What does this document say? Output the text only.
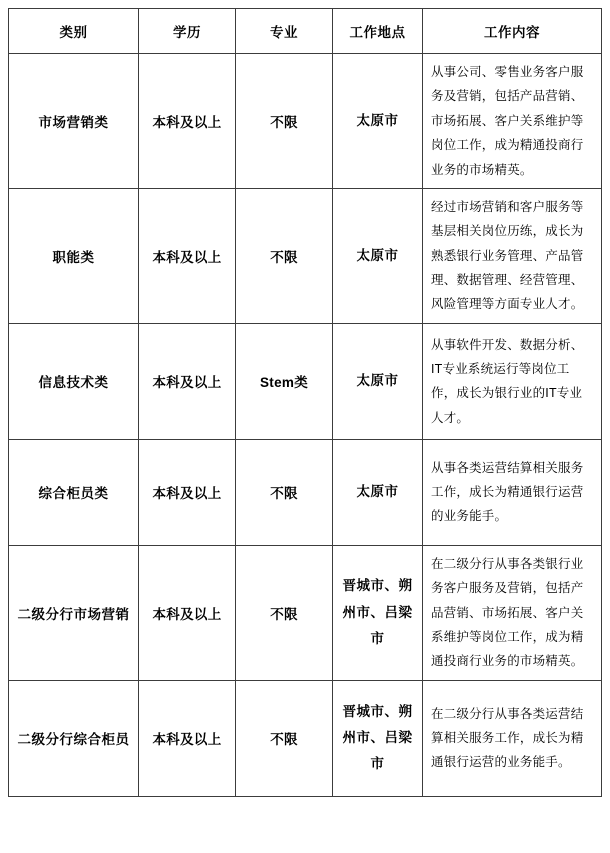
类别	学历	专业	工作地点	工作内容
市场营销类	本科及以上	不限	太原市	从事公司、零售业务客户服务及营销，包括产品营销、市场拓展、客户关系维护等岗位工作，成为精通投商行业务的市场精英。
职能类	本科及以上	不限	太原市	经过市场营销和客户服务等基层相关岗位历练，成长为熟悉银行业务管理、产品管理、数据管理、经营管理、风险管理等方面专业人才。
信息技术类	本科及以上	Stem类	太原市	从事软件开发、数据分析、IT专业系统运行等岗位工作，成长为银行业的IT专业人才。
综合柜员类	本科及以上	不限	太原市	从事各类运营结算相关服务工作，成长为精通银行运营的业务能手。
二级分行市场营销	本科及以上	不限	晋城市、朔州市、吕梁市	在二级分行从事各类银行业务客户服务及营销，包括产品营销、市场拓展、客户关系维护等岗位工作，成为精通投商行业务的市场精英。
二级分行综合柜员	本科及以上	不限	晋城市、朔州市、吕梁市	在二级分行从事各类运营结算相关服务工作，成长为精通银行运营的业务能手。
